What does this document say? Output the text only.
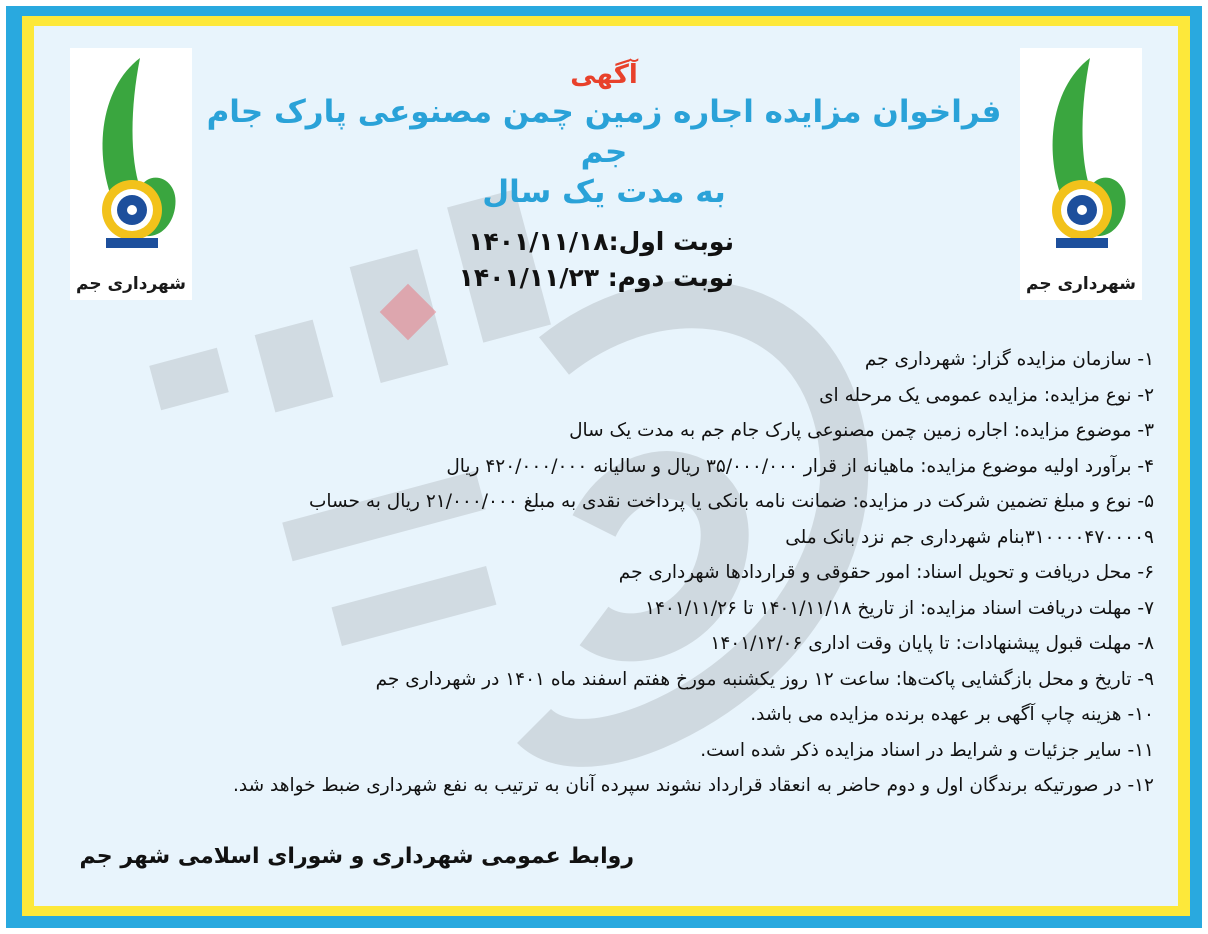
شهرداری جم	شهرداری جم
آگهی
فراخوان مزایده اجاره زمین چمن مصنوعی پارک جام جم
به مدت یک سال
نوبت اول:۱۴۰۱/۱۱/۱۸
نوبت دوم: ۱۴۰۱/۱۱/۲۳
۱- سازمان مزایده گزار: شهرداری جم
۲- نوع مزایده: مزایده عمومی یک مرحله ای
۳- موضوع مزایده: اجاره زمین چمن مصنوعی پارک جام جم به مدت یک سال
۴- برآورد اولیه موضوع مزایده: ماهیانه از قرار ۳۵/۰۰۰/۰۰۰ ریال و سالیانه ۴۲۰/۰۰۰/۰۰۰ ریال
۵- نوع و مبلغ تضمین شرکت در مزایده: ضمانت نامه بانکی یا پرداخت نقدی به مبلغ ۲۱/۰۰۰/۰۰۰ ریال به حساب
۳۱۰۰۰۰۴۷۰۰۰۰۹بنام شهرداری جم نزد بانک ملی
۶- محل دریافت و تحویل اسناد: امور حقوقی و قراردادها شهرداری جم
۷- مهلت دریافت اسناد مزایده: از تاریخ ۱۴۰۱/۱۱/۱۸ تا ۱۴۰۱/۱۱/۲۶
۸- مهلت قبول پیشنهادات: تا پایان وقت اداری ۱۴۰۱/۱۲/۰۶
۹- تاریخ و محل بازگشایی پاکت‌ها: ساعت ۱۲ روز یکشنبه مورخ هفتم اسفند ماه ۱۴۰۱ در شهرداری جم
۱۰- هزینه چاپ آگهی بر عهده برنده مزایده می باشد.
۱۱- سایر جزئیات و شرایط در اسناد مزایده ذکر شده است.
۱۲- در صورتیکه برندگان اول و دوم حاضر به انعقاد قرارداد نشوند سپرده آنان به ترتیب به نفع شهرداری ضبط خواهد شد.
روابط عمومی شهرداری و شورای اسلامی شهر جم
